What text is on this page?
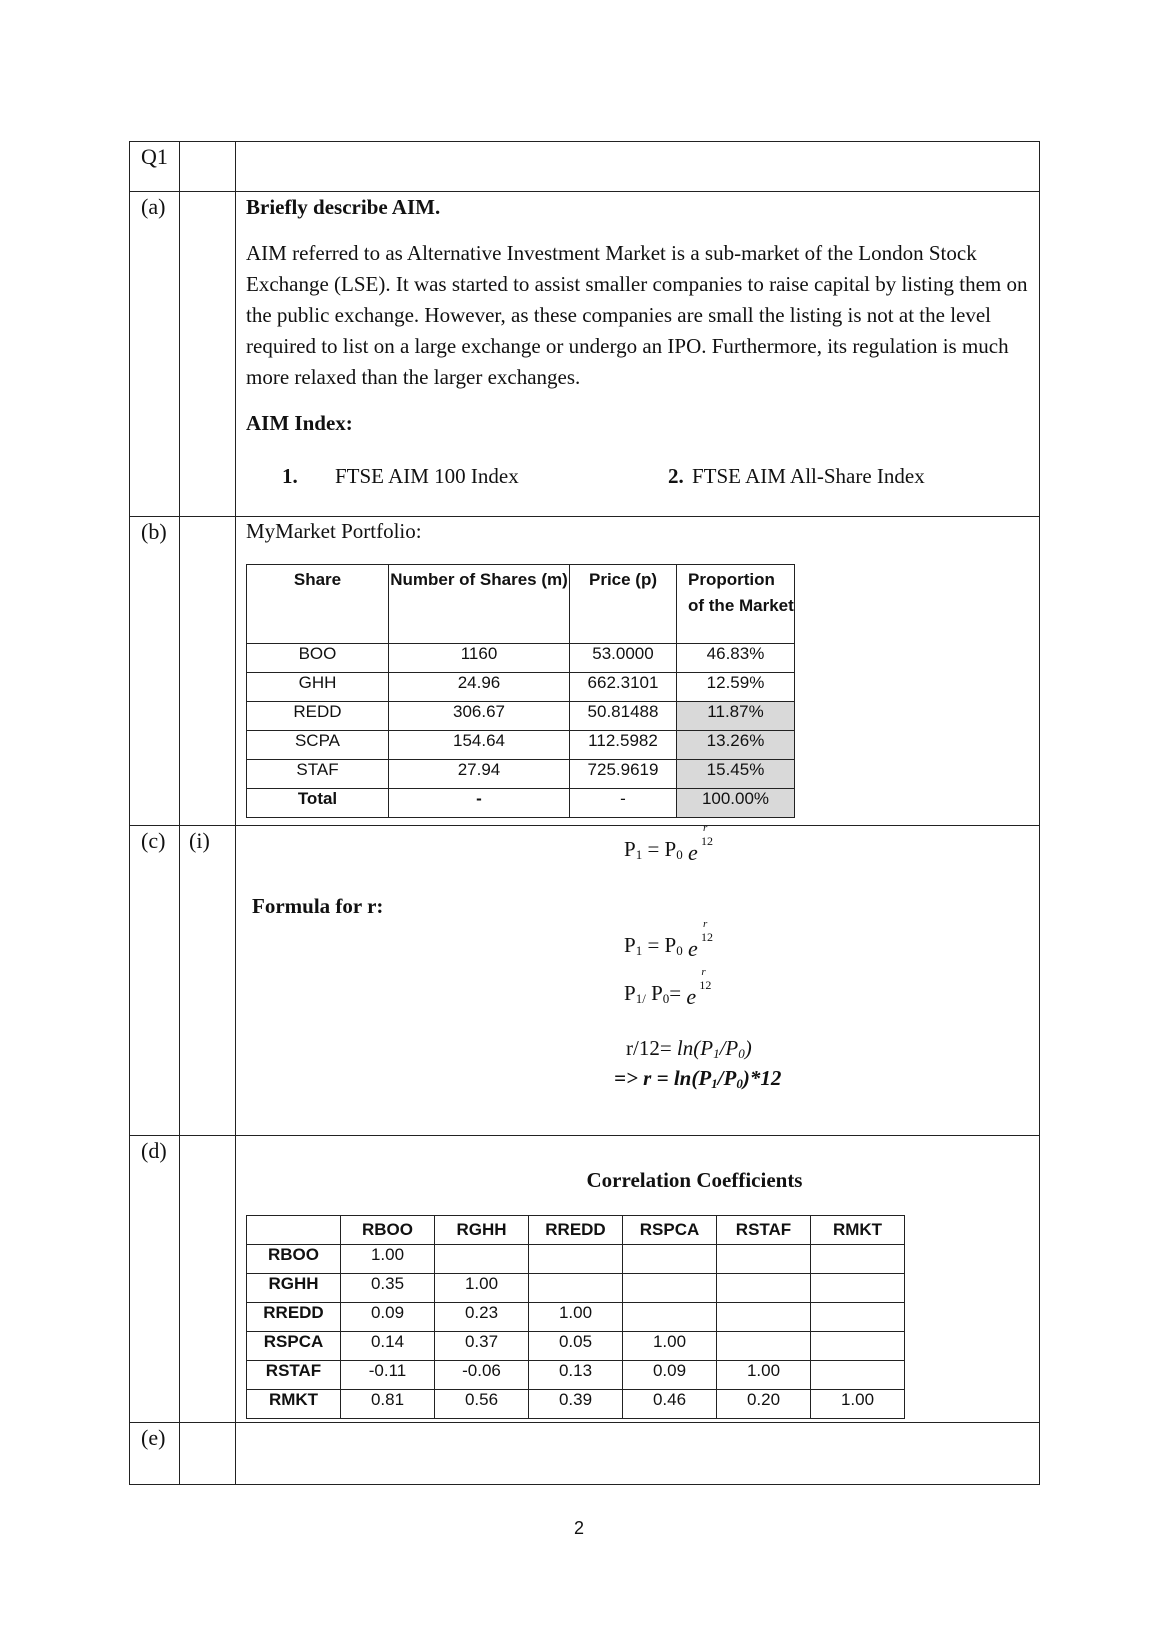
Q1		
(a)		Briefly describe AIM.

AIM referred to as Alternative Investment Market is a sub-market of the London Stock Exchange (LSE). It was started to assist smaller companies to raise capital by listing them on the public exchange. However, as these companies are small the listing is not at the level required to list on a large exchange or undergo an IPO. Furthermore, its regulation is much more relaxed than the larger exchanges.

AIM Index:
1. FTSE AIM 100 Index	2. FTSE AIM All-Share Index

(b)		MyMarket Portfolio:
Share	Number of Shares (m)	Price (p)	Proportion of the Market
BOO	1160	53.0000	46.83%
GHH	24.96	662.3101	12.59%
REDD	306.67	50.81488	11.87%
SCPA	154.64	112.5982	13.26%
STAF	27.94	725.9619	15.45%
Total	-	-	100.00%

(c)	(i)	$P_1 = P_0$ e
r
12
Formula for r:
$P_1 = P_0$ e
r
12
$P_{1/}$ $P_0= e$
r
12
$r/12= \ln(P_1/P_0)$
=> $r = \ln(P_1/P_0)*12$

(d)		
Correlation Coefficients
	RBOO	RGHH	RREDD	RSPCA	RSTAF	RMKT
RBOO	1.00					
RGHH	0.35	1.00				
RREDD	0.09	0.23	1.00			
RSPCA	0.14	0.37	0.05	1.00		
RSTAF	-0.11	-0.06	0.13	0.09	1.00	
RMKT	0.81	0.56	0.39	0.46	0.20	1.00

(e)		
2
